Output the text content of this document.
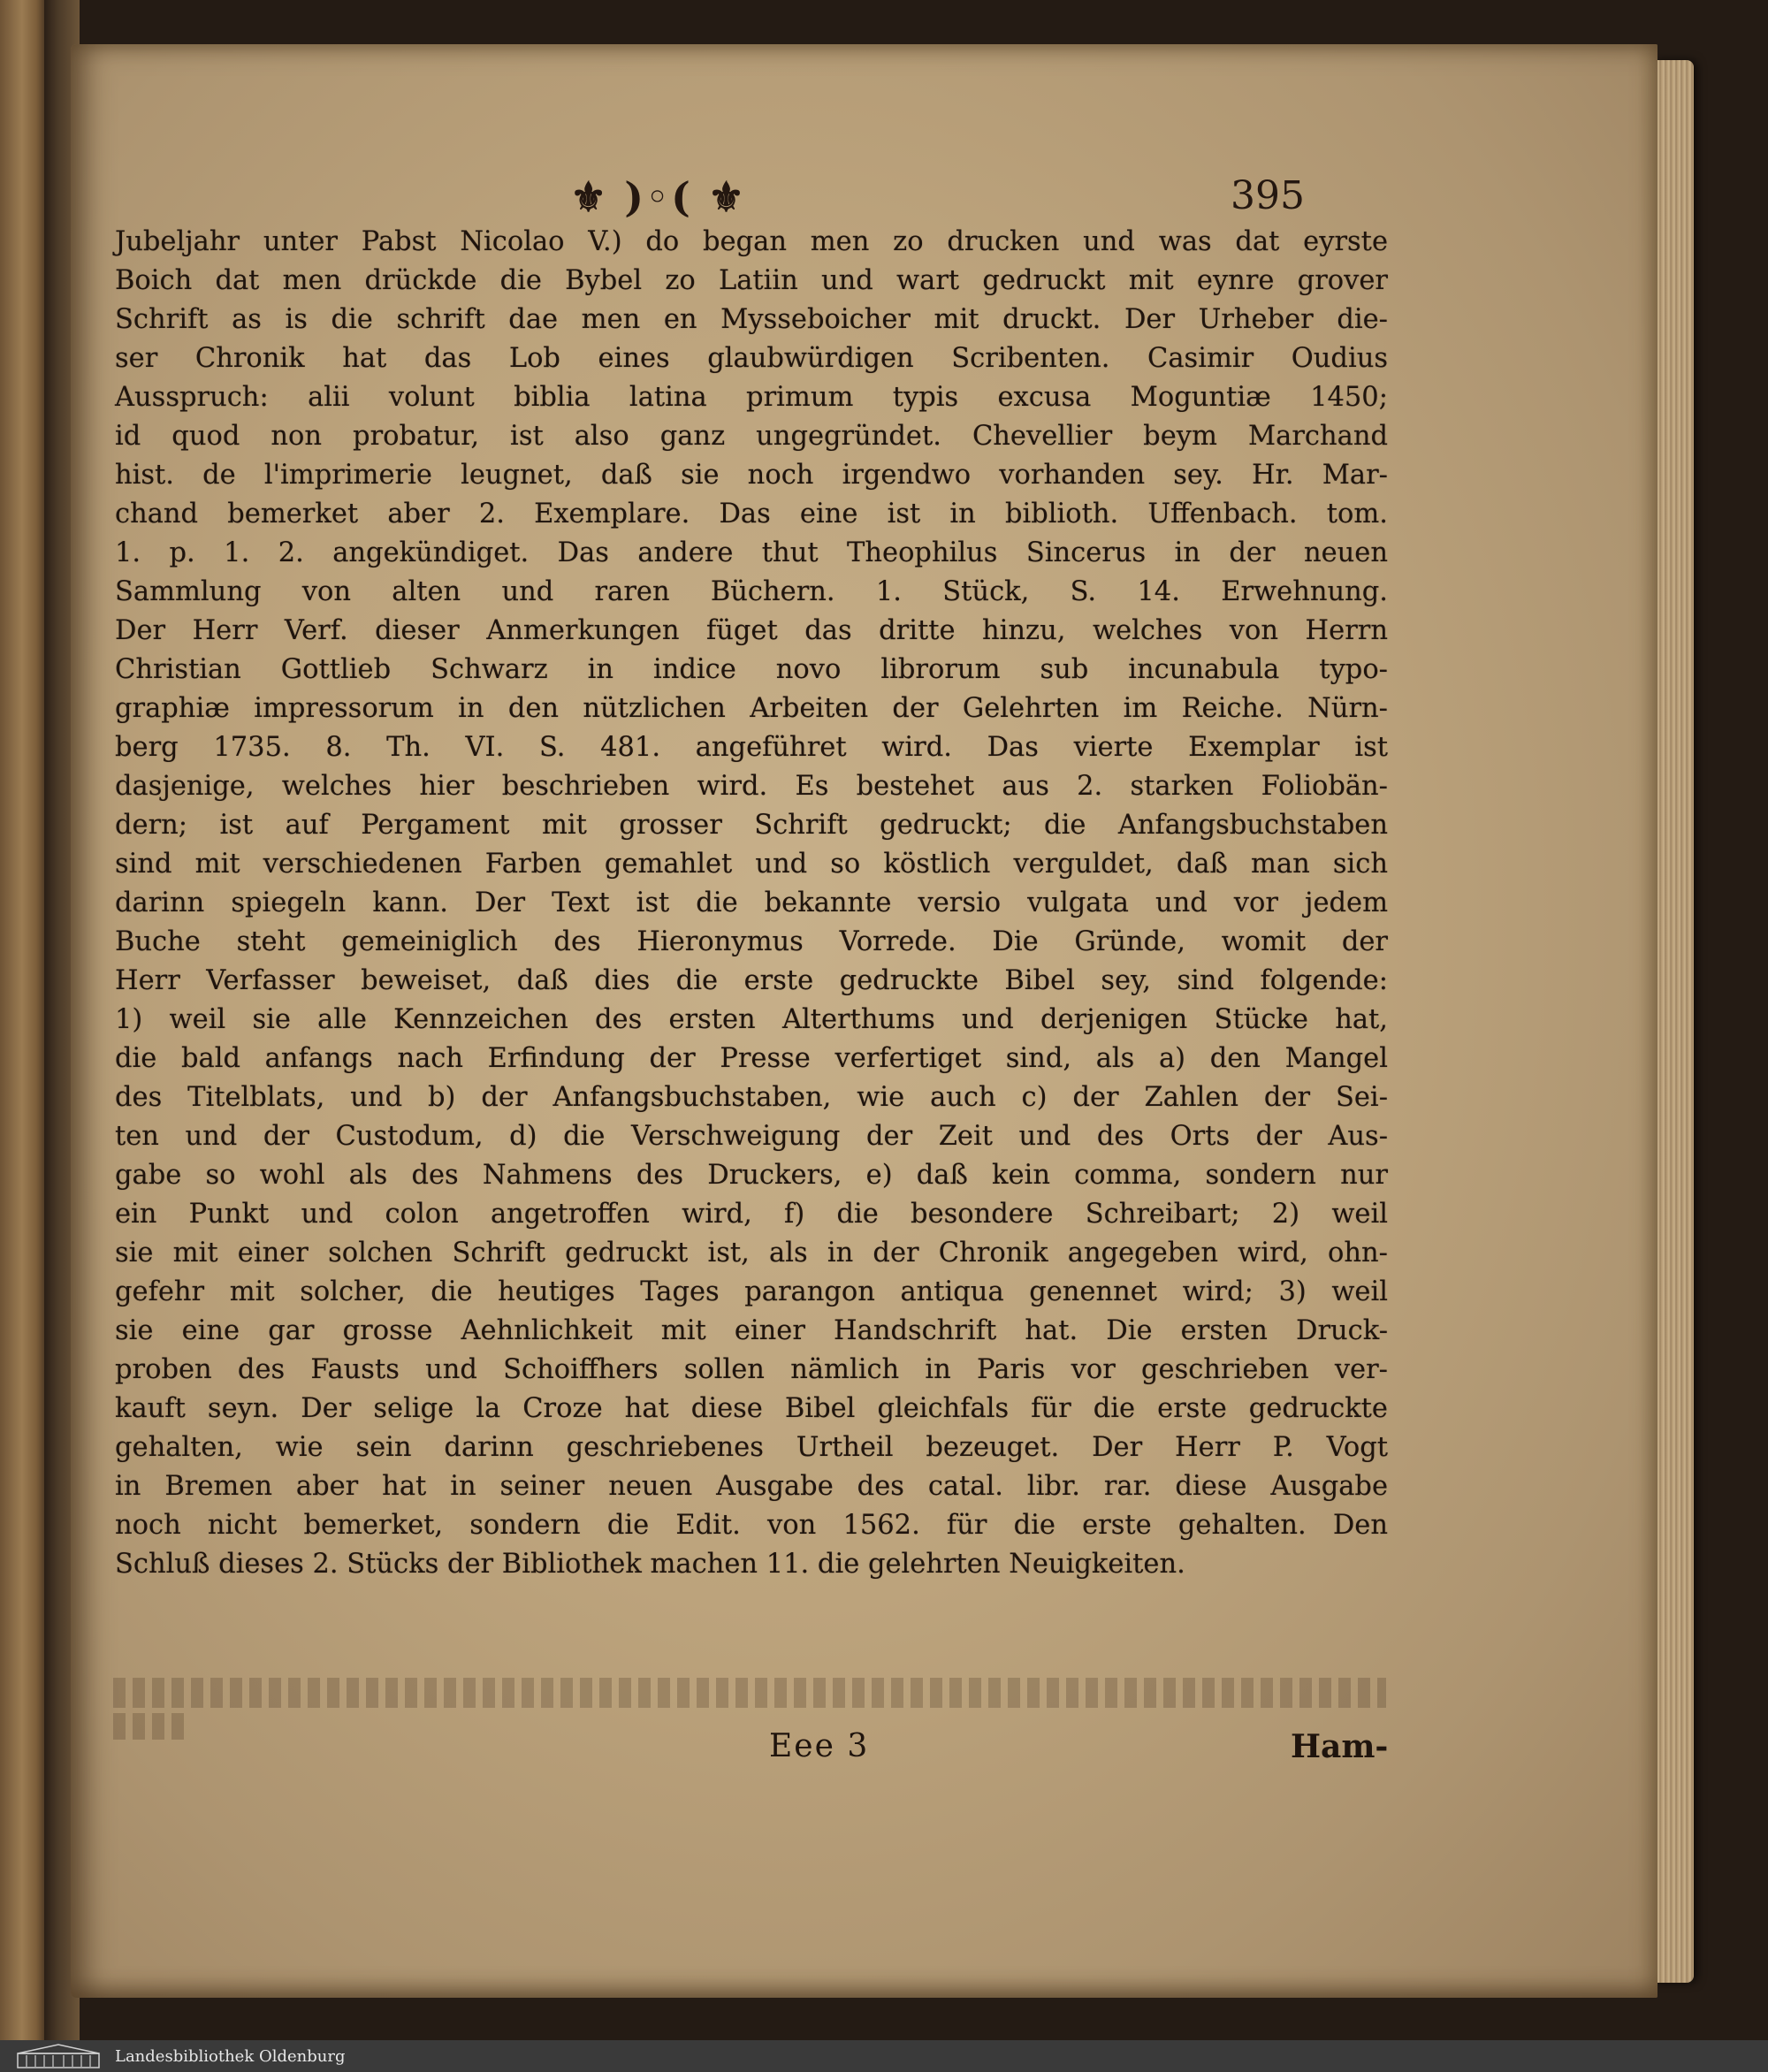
⚜ )◦( ⚜	395
Jubeljahr unter Pabst Nicolao V.) do began men zo drucken und was dat eyrste
Boich dat men drückde die Bybel zo Latiin und wart gedruckt mit eynre grover
Schrift as is die schrift dae men en Mysseboicher mit druckt. Der Urheber die-
ser Chronik hat das Lob eines glaubwürdigen Scribenten. Casimir Oudius
Ausspruch: alii volunt biblia latina primum typis excusa Moguntiæ 1450;
id quod non probatur, ist also ganz ungegründet. Chevellier beym Marchand
hist. de l'imprimerie leugnet, daß sie noch irgendwo vorhanden sey. Hr. Mar-
chand bemerket aber 2. Exemplare. Das eine ist in biblioth. Uffenbach. tom.
1. p. 1. 2. angekündiget. Das andere thut Theophilus Sincerus in der neuen
Sammlung von alten und raren Büchern. 1. Stück, S. 14. Erwehnung.
Der Herr Verf. dieser Anmerkungen füget das dritte hinzu, welches von Herrn
Christian Gottlieb Schwarz in indice novo librorum sub incunabula typo-
graphiæ impressorum in den nützlichen Arbeiten der Gelehrten im Reiche. Nürn-
berg 1735. 8. Th. VI. S. 481. angeführet wird. Das vierte Exemplar ist
dasjenige, welches hier beschrieben wird. Es bestehet aus 2. starken Foliobän-
dern; ist auf Pergament mit grosser Schrift gedruckt; die Anfangsbuchstaben
sind mit verschiedenen Farben gemahlet und so köstlich verguldet, daß man sich
darinn spiegeln kann. Der Text ist die bekannte versio vulgata und vor jedem
Buche steht gemeiniglich des Hieronymus Vorrede. Die Gründe, womit der
Herr Verfasser beweiset, daß dies die erste gedruckte Bibel sey, sind folgende:
1) weil sie alle Kennzeichen des ersten Alterthums und derjenigen Stücke hat,
die bald anfangs nach Erfindung der Presse verfertiget sind, als a) den Mangel
des Titelblats, und b) der Anfangsbuchstaben, wie auch c) der Zahlen der Sei-
ten und der Custodum, d) die Verschweigung der Zeit und des Orts der Aus-
gabe so wohl als des Nahmens des Druckers, e) daß kein comma, sondern nur
ein Punkt und colon angetroffen wird, f) die besondere Schreibart; 2) weil
sie mit einer solchen Schrift gedruckt ist, als in der Chronik angegeben wird, ohn-
gefehr mit solcher, die heutiges Tages parangon antiqua genennet wird; 3) weil
sie eine gar grosse Aehnlichkeit mit einer Handschrift hat. Die ersten Druck-
proben des Fausts und Schoiffhers sollen nämlich in Paris vor geschrieben ver-
kauft seyn. Der selige la Croze hat diese Bibel gleichfals für die erste gedruckte
gehalten, wie sein darinn geschriebenes Urtheil bezeuget. Der Herr P. Vogt
in Bremen aber hat in seiner neuen Ausgabe des catal. libr. rar. diese Ausgabe
noch nicht bemerket, sondern die Edit. von 1562. für die erste gehalten. Den
Schluß dieses 2. Stücks der Bibliothek machen 11. die gelehrten Neuigkeiten.
Eee 3	Ham-
Landesbibliothek Oldenburg
